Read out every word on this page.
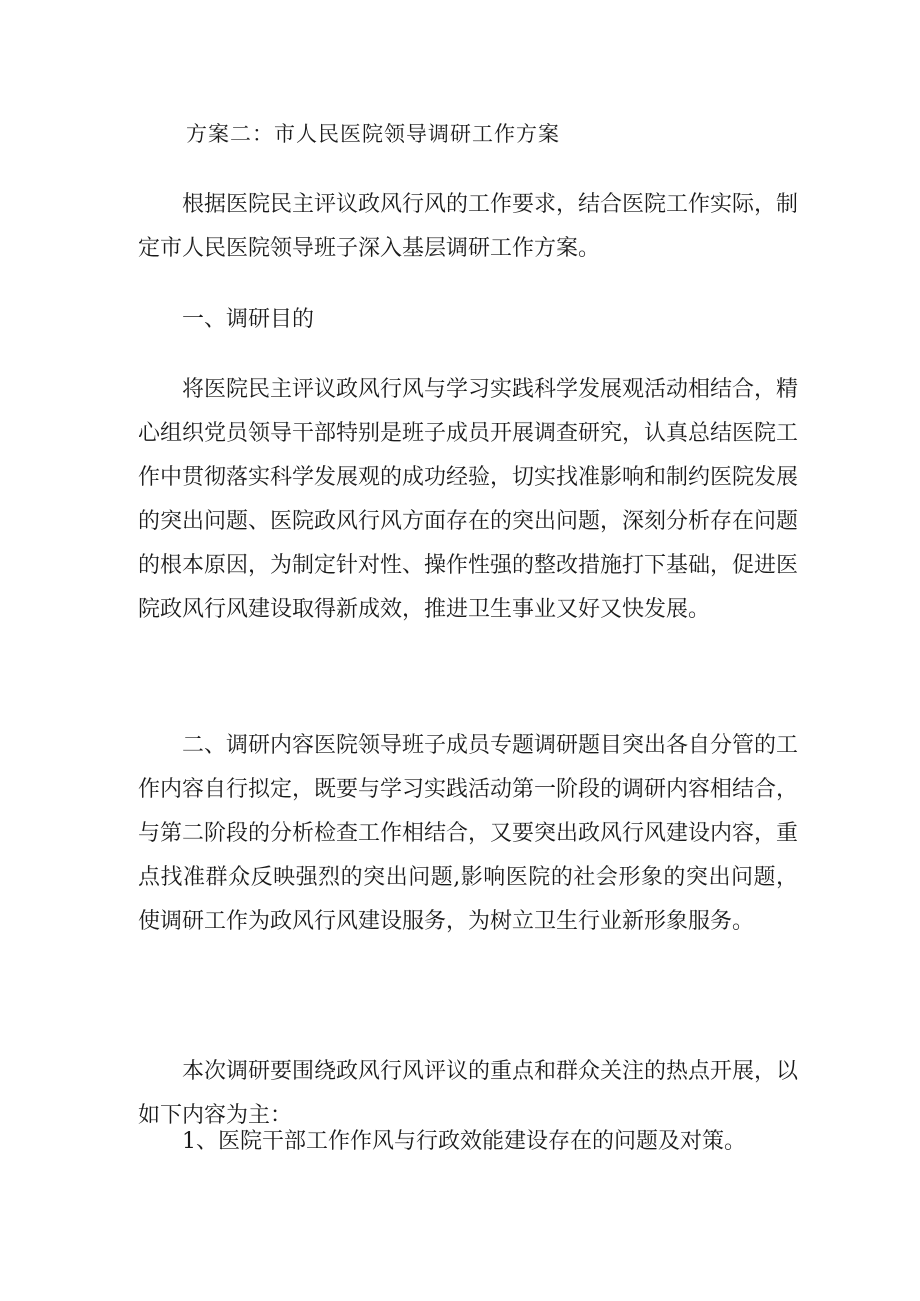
方案二：市人民医院领导调研工作方案

根据医院民主评议政风行风的工作要求，结合医院工作实际，制定市人民医院领导班子深入基层调研工作方案。

一、调研目的

将医院民主评议政风行风与学习实践科学发展观活动相结合，精心组织党员领导干部特别是班子成员开展调查研究，认真总结医院工作中贯彻落实科学发展观的成功经验，切实找准影响和制约医院发展的突出问题、医院政风行风方面存在的突出问题，深刻分析存在问题的根本原因，为制定针对性、操作性强的整改措施打下基础，促进医院政风行风建设取得新成效，推进卫生事业又好又快发展。

二、调研内容医院领导班子成员专题调研题目突出各自分管的工作内容自行拟定，既要与学习实践活动第一阶段的调研内容相结合，与第二阶段的分析检查工作相结合，又要突出政风行风建设内容，重点找准群众反映强烈的突出问题,影响医院的社会形象的突出问题，使调研工作为政风行风建设服务，为树立卫生行业新形象服务。

本次调研要围绕政风行风评议的重点和群众关注的热点开展，以如下内容为主：

1、医院干部工作作风与行政效能建设存在的问题及对策。
